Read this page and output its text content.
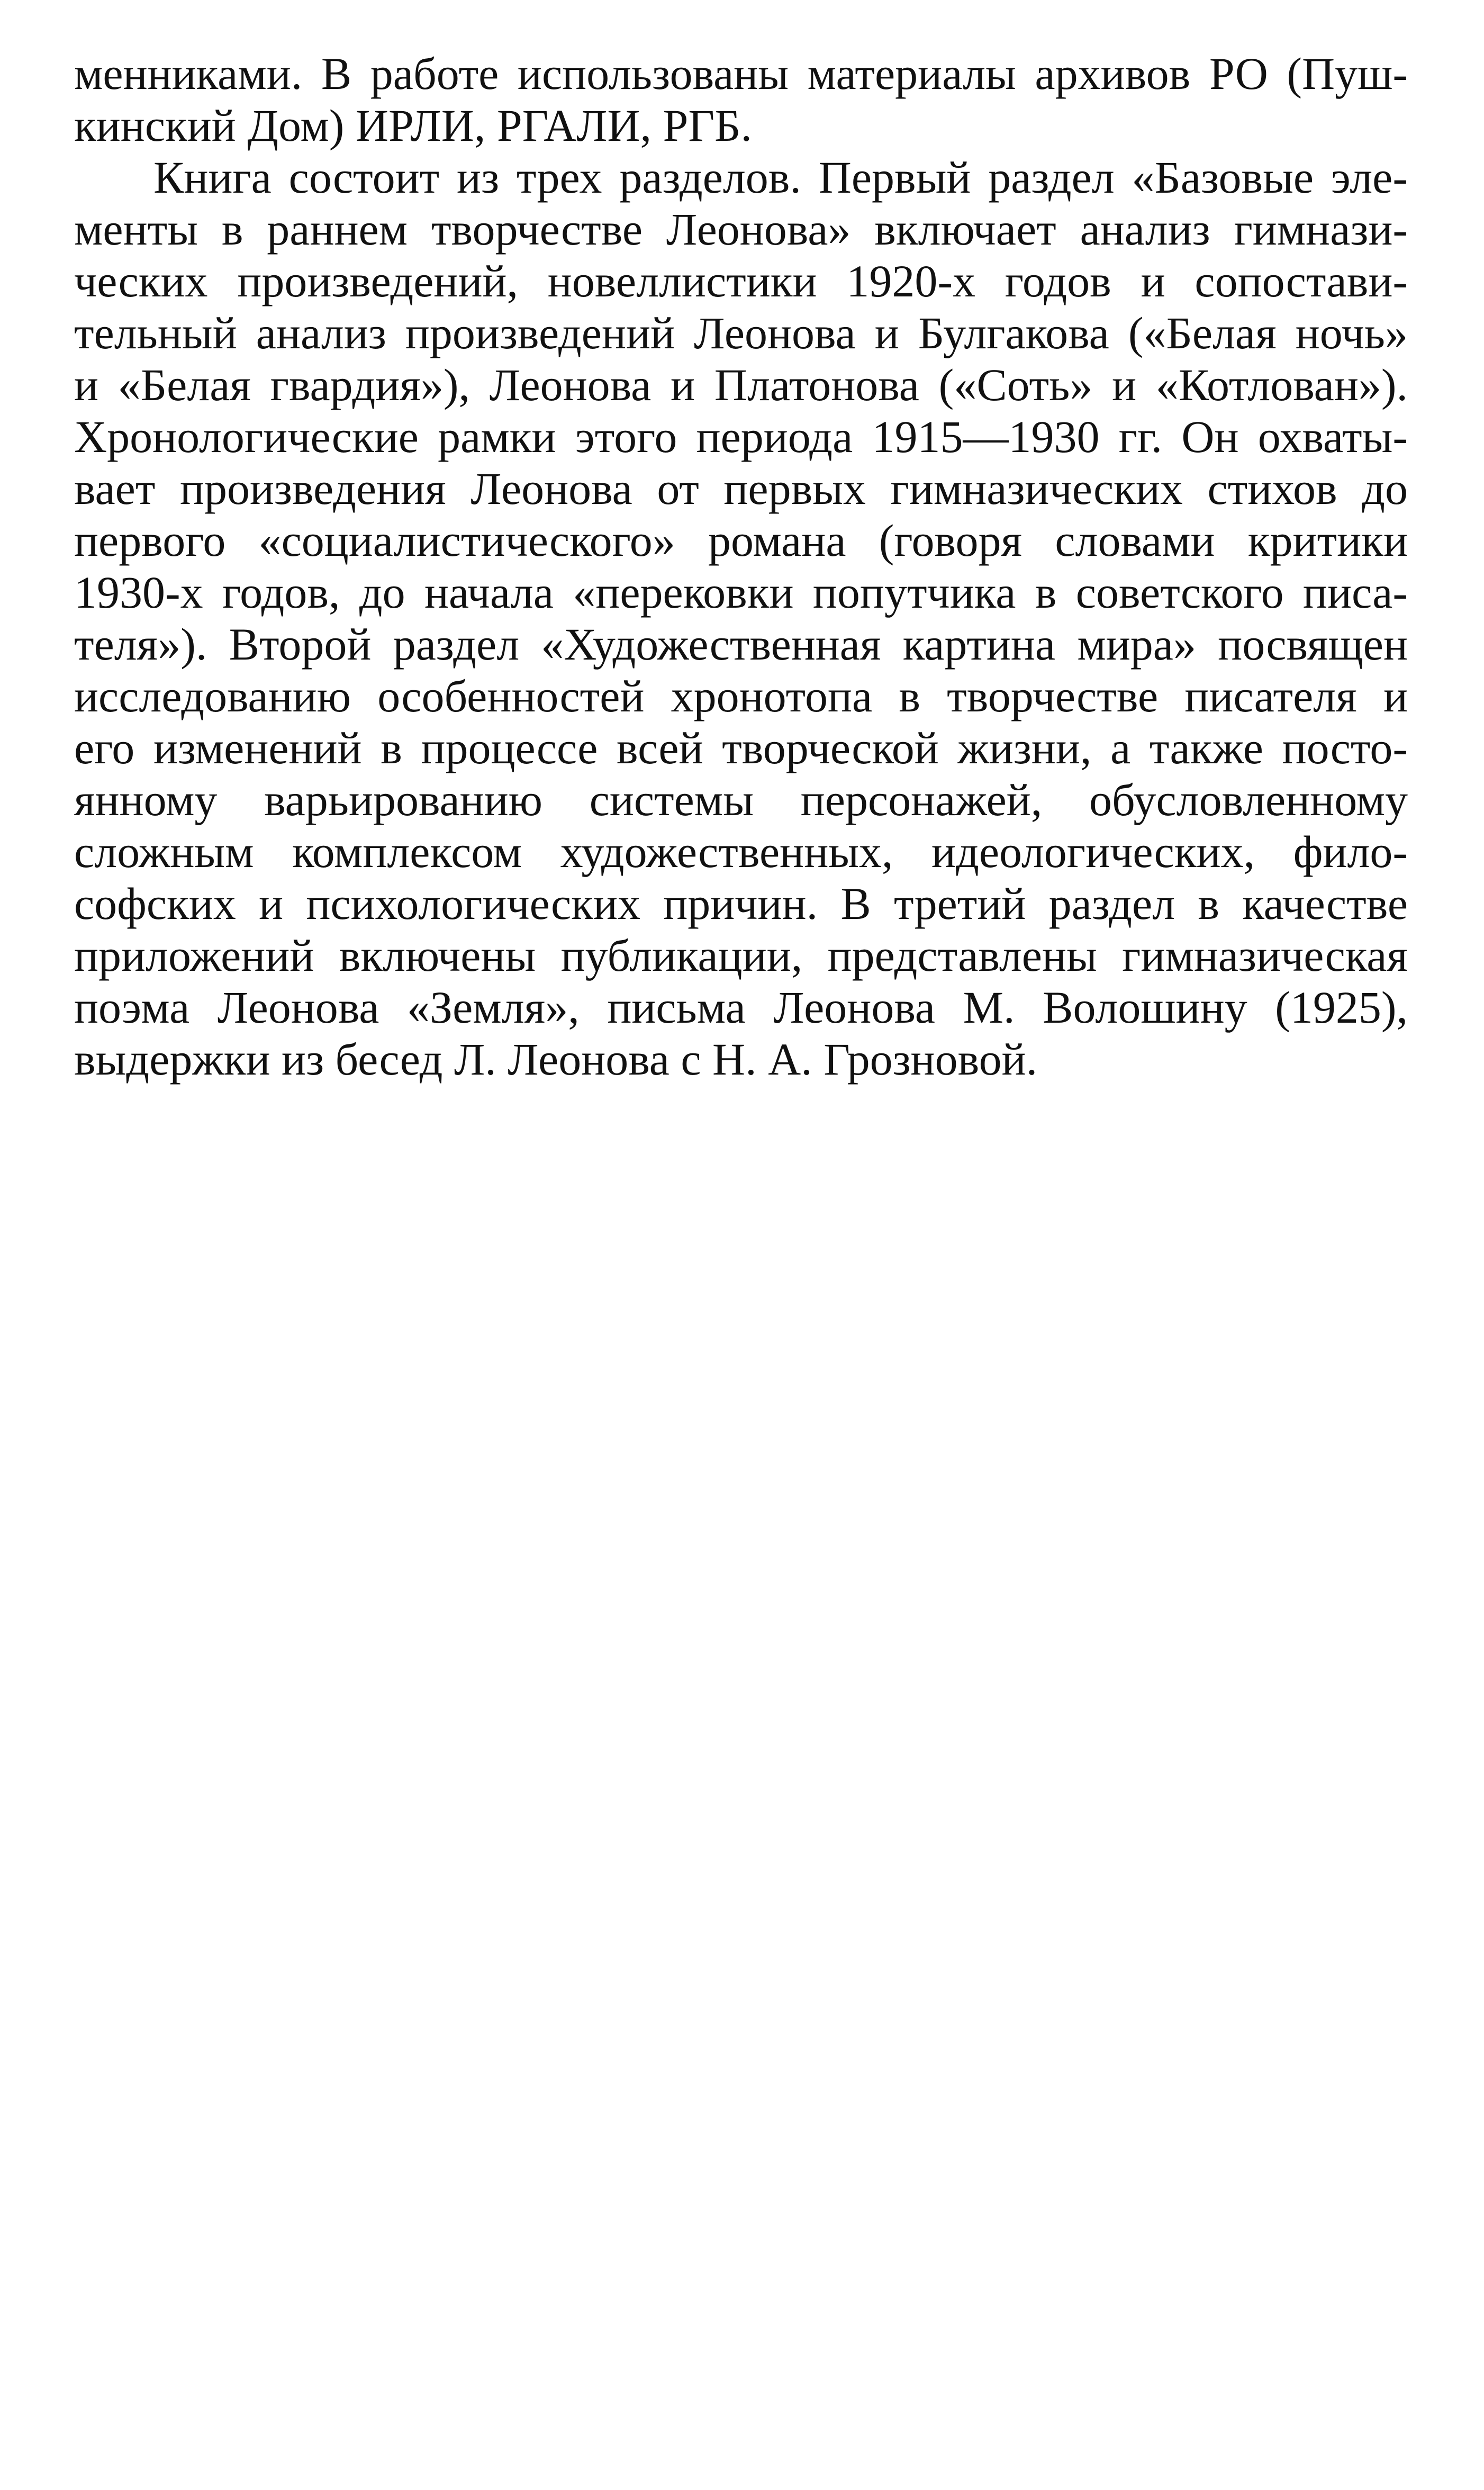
менниками. В работе использованы материалы архивов РО (Пуш-
кинский Дом) ИРЛИ, РГАЛИ, РГБ.
Книга состоит из трех разделов. Первый раздел «Базовые эле-
менты в раннем творчестве Леонова» включает анализ гимнази-
ческих произведений, новеллистики 1920-х годов и сопостави-
тельный анализ произведений Леонова и Булгакова («Белая ночь»
и «Белая гвардия»), Леонова и Платонова («Соть» и «Котлован»).
Хронологические рамки этого периода 1915—1930 гг. Он охваты-
вает произведения Леонова от первых гимназических стихов до
первого «социалистического» романа (говоря словами критики
1930-х годов, до начала «перековки попутчика в советского писа-
теля»). Второй раздел «Художественная картина мира» посвящен
исследованию особенностей хронотопа в творчестве писателя и
его изменений в процессе всей творческой жизни, а также посто-
янному варьированию системы персонажей, обусловленному
сложным комплексом художественных, идеологических, фило-
софских и психологических причин. В третий раздел в качестве
приложений включены публикации, представлены гимназическая
поэма Леонова «Земля», письма Леонова М. Волошину (1925),
выдержки из бесед Л. Леонова с Н. А. Грозновой.
